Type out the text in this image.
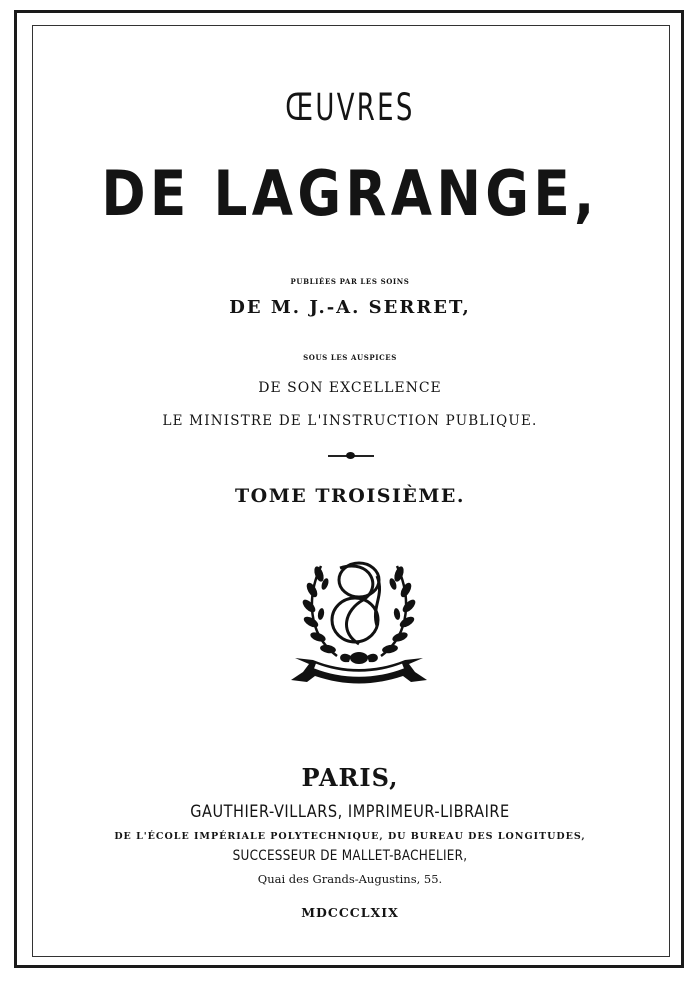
ŒUVRES
DE LAGRANGE,
PUBLIÉES PAR LES SOINS
DE M. J.-A. SERRET,
SOUS LES AUSPICES
DE SON EXCELLENCE
LE MINISTRE DE L'INSTRUCTION PUBLIQUE.
TOME TROISIÈME.
PARIS,
GAUTHIER-VILLARS, IMPRIMEUR-LIBRAIRE
DE L'ÉCOLE IMPÉRIALE POLYTECHNIQUE, DU BUREAU DES LONGITUDES,
SUCCESSEUR DE MALLET-BACHELIER,
Quai des Grands-Augustins, 55.
MDCCCLXIX
